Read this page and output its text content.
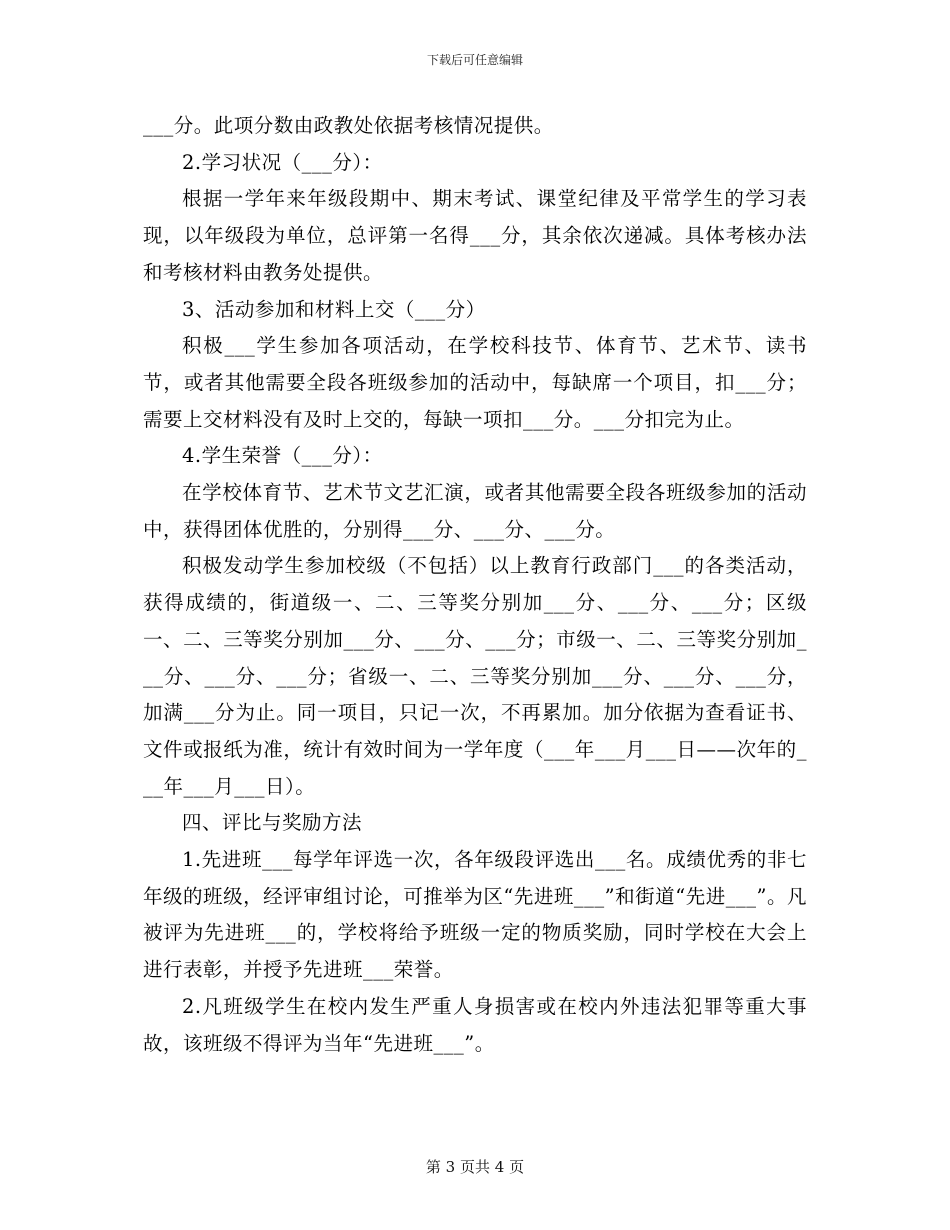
下载后可任意编辑

___分。此项分数由政教处依据考核情况提供。

2.学习状况（___分）：

根据一学年来年级段期中、期末考试、课堂纪律及平常学生的学习表现，以年级段为单位，总评第一名得___分，其余依次递减。具体考核办法和考核材料由教务处提供。

3、活动参加和材料上交（___分）

积极___学生参加各项活动，在学校科技节、体育节、艺术节、读书节，或者其他需要全段各班级参加的活动中，每缺席一个项目，扣___分；需要上交材料没有及时上交的，每缺一项扣___分。___分扣完为止。

4.学生荣誉（___分）：

在学校体育节、艺术节文艺汇演，或者其他需要全段各班级参加的活动中，获得团体优胜的，分别得___分、___分、___分。

积极发动学生参加校级（不包括）以上教育行政部门___的各类活动，获得成绩的，街道级一、二、三等奖分别加___分、___分、___分；区级一、二、三等奖分别加___分、___分、___分；市级一、二、三等奖分别加___分、___分、___分；省级一、二、三等奖分别加___分、___分、___分，加满___分为止。同一项目，只记一次，不再累加。加分依据为查看证书、文件或报纸为准，统计有效时间为一学年度（___年___月___日——次年的___年___月___日）。

四、评比与奖励方法

1.先进班___每学年评选一次，各年级段评选出___名。成绩优秀的非七年级的班级，经评审组讨论，可推举为区“先进班___”和街道“先进___”。凡被评为先进班___的，学校将给予班级一定的物质奖励，同时学校在大会上进行表彰，并授予先进班___荣誉。

2.凡班级学生在校内发生严重人身损害或在校内外违法犯罪等重大事故，该班级不得评为当年“先进班___”。

第 3 页共 4 页
